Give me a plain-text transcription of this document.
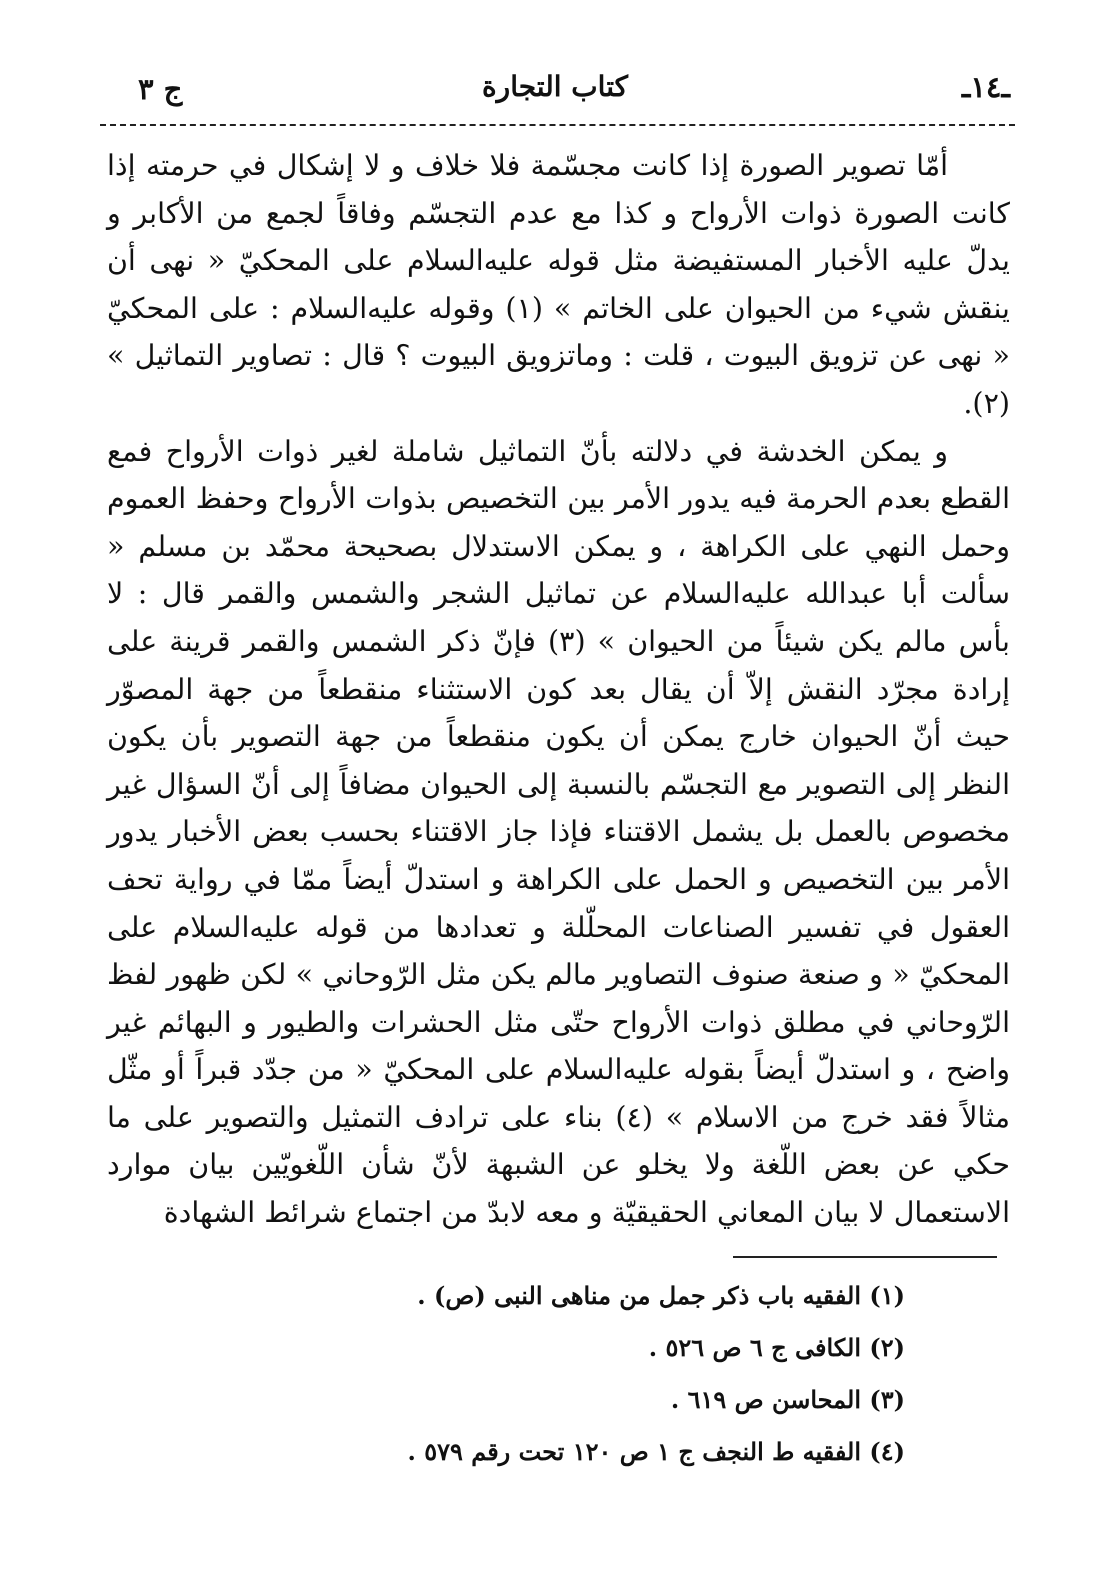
ـ١٤ـ
كتاب التجارة
ج ٣

أمّا تصوير الصورة إذا كانت مجسّمة فلا خلاف و لا إشكال في حرمته إذا كانت الصورة ذوات الأرواح و كذا مع عدم التجسّم وفاقاً لجمع من الأكابر و يدلّ عليه الأخبار المستفيضة مثل قوله عليه‌السلام على المحكيّ « نهى أن ينقش شيء من الحيوان على الخاتم » (١) وقوله عليه‌السلام : على المحكيّ « نهى عن تزويق البيوت ، قلت : وماتزويق البيوت ؟ قال : تصاوير التماثيل » (٢).

و يمكن الخدشة في دلالته بأنّ التماثيل شاملة لغير ذوات الأرواح فمع القطع بعدم الحرمة فيه يدور الأمر بين التخصيص بذوات الأرواح وحفظ العموم وحمل النهي على الكراهة ، و يمكن الاستدلال بصحيحة محمّد بن مسلم « سألت أبا عبدالله عليه‌السلام عن تماثيل الشجر والشمس والقمر قال : لا بأس مالم يكن شيئاً من الحيوان » (٣) فإنّ ذكر الشمس والقمر قرينة على إرادة مجرّد النقش إلاّ أن يقال بعد كون الاستثناء منقطعاً من جهة المصوّر حيث أنّ الحيوان خارج يمكن أن يكون منقطعاً من جهة التصوير بأن يكون النظر إلى التصوير مع التجسّم بالنسبة إلى الحيوان مضافاً إلى أنّ السؤال غير مخصوص بالعمل بل يشمل الاقتناء فإذا جاز الاقتناء بحسب بعض الأخبار يدور الأمر بين التخصيص و الحمل على الكراهة و استدلّ أيضاً ممّا في رواية تحف العقول في تفسير الصناعات المحلّلة و تعدادها من قوله عليه‌السلام على المحكيّ « و صنعة صنوف التصاوير مالم يكن مثل الرّوحاني » لكن ظهور لفظ الرّوحاني في مطلق ذوات الأرواح حتّى مثل الحشرات والطيور و البهائم غير واضح ، و استدلّ أيضاً بقوله عليه‌السلام على المحكيّ « من جدّد قبراً أو مثّل مثالاً فقد خرج من الاسلام » (٤) بناء على ترادف التمثيل والتصوير على ما حكي عن بعض اللّغة ولا يخلو عن الشبهة لأنّ شأن اللّغويّين بيان موارد الاستعمال لا بيان المعاني الحقيقيّة و معه لابدّ من اجتماع شرائط الشهادة

(١) الفقيه باب ذكر جمل من مناهى النبى (ص) .
(٢) الكافى ج ٦ ص ٥٢٦ .
(٣) المحاسن ص ٦١٩ .
(٤) الفقيه ط النجف ج ١ ص ١٢٠ تحت رقم ٥٧٩ .
